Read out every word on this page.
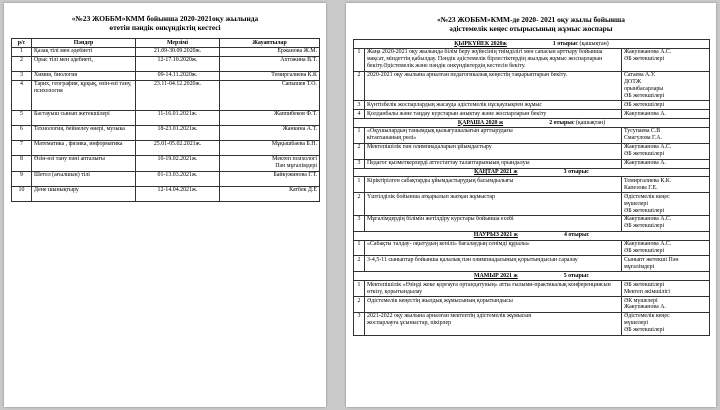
«№23 ЖОББМ»КММ бойынша 2020-2021оқу жылында
өтетін пәндік онкүндіктің кестесі
р/с	Пәндер	Мерзімі	Жауаптылар
1	Қазақ тілі мен әдебиеті	21.09-30.09.2020ж.	Ержанова Ж.М.
2	Орыс тілі мен әдебиеті,	12-17.10.2020ж.	Ахтожина В.Т.
3	Химия, биология	09-14.11.2020ж.	Темиргалиева К.К
4	Тарих, география, құқық, өзін-өзі тану, психология	23.11-04.12.2020ж.	Сапышев Т.О.
5	Бастауыш сынып жетекшілері	11-16.01.2021ж.	Жаппибеков Ф.Т.
6	Технология, бейнелеу өнері, музыка	18-23.01.2021ж.	Жанкина А.Т.
7	Математика , физика, информатика	25.01-05.02.2021ж.	Мұқышбаева Б.Н.
8	Өзін-өзі тану пәні апталығы	10-19.02.2021ж.	Мектеп психологі
Пән мұғалімдері
9	Шетел (ағылшын) тілі	01-13.03.2021ж.	Байкужинова Г.Т.
10	Дене шынықтыру	12-14.04.2021ж.	Катбек Д.Е
«№23 ЖОББМ»КММ-де 2020- 2021 оқу жылы бойынша
әдістемелік кеңес отырысының жұмыс жоспары
ҚЫРКҮЙЕК 2020ж 1 отырыс (қашықтан)		
1	Жаңа 2020-2021 оқу жылында білім беру жүйесінің тиімділігі мен сапасын арттыру бойынша мақсат, міндеттің қабылдау. Пәндік әдістемелік бірлестіктердің жылдық жұмыс жоспарларын бекіту.Әдістемелік және пәндік онкүндіктердің кестесін бекіту.	Жакупжанова А.С.
ӘБ жетекшілері
2	2020-2021 оқу жылына арналған педагогикалық кеңестің тақырыптарын бекіту.	Сатаева А.У.
ДОТЖ
орынбасарлары
ӘБ жетекшілері
3	Күнтізбелік жоспарлардың жасауда әдістемелік нұсқаулықпен жұмыс	ӘБ жетекшілері
4	Қолданбалы және таңдау курстарын аныктау және жоспарларын бекіту	Жакупжанова А.
ҚАРАША 2020 ж 2 отырыс (қашықтан)		
1	«Оқушылардың танымдық қызығушылығын арттырудағы
кітапхананың рөлі»	Тусупаева С.В
Смагулова Г.А.
2	Мектепішілік пән олимпиадаларын ұйымдастыру	Жакупжанова А.С.
ӘБ жетекшілері
3	Педагог қызметкерлерді аттестаттау талаптарыныың орындалуы	Жакупжанова А.
ҚАҢТАР 2021 ж 3 отырыс		
1	Кіріктірілген сабақтарды ұйымдастырудың басымдылығы	Темиргалиева К.К.
Капезова Г.Е.
2	Үштілділік бойынша атқарылып жатқан жұмыстар	Әдістемелік кеңес
мүшелері
ӘБ жетекшілері
3	Мұғалімдердің білімін жетілдіру курстары бойынша есебі	Жакупжанова А.С.
ӘБ жетекшілері
НАУРЫЗ 2021 ж 4 отырыс		
1	«Сабақты талдау- оқытудың кепілі» бағалаудың сенімді құралы»	Жакупжанова А.С.
ӘБ жетекшілері
2	3-4,5-11 сыныптар бойынша қалалық пән олимпиадасының қорытындысын саралау	Сыныпт жетекші Пән
мұғалімдері
МАМЫР 2021 ж 5 отырыс		
1	Мектепішілік «Өзіңді жеке қорғауға ортандатуның» атты ғылыми-практикалық конференциясын өткізу, қорытындылау	ӘБ жетекшілері
Мектеп әкімшілігі
2	Әдістемелік кеңестің жылдық жұмысының қорытындысы	ӘК мүшелері
Жакупжанова А.
3	2021-2022 оқу жылына арналған мектептің әдістемелік жұмысын
жоспарлауға ұсыныстар, пікірлер	Әдістемелік кеңес
мүшелері
ӘБ жетекшілері
